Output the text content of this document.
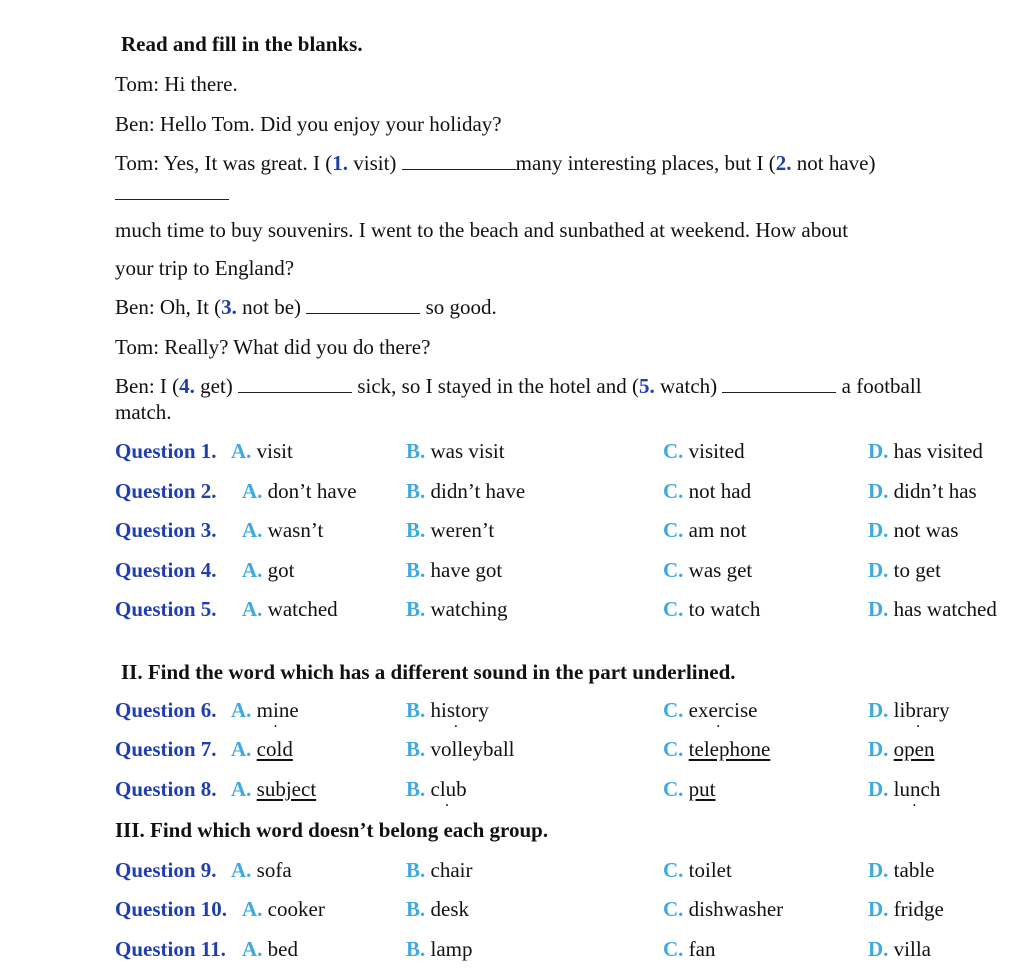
Read and fill in the blanks.
Tom: Hi there.
Ben: Hello Tom. Did you enjoy your holiday?
Tom: Yes, It was great. I (1. visit)	many interesting places, but I (2. not have)
much time to buy souvenirs. I went to the beach and sunbathed at weekend. How about
your trip to England?
Ben: Oh, It (3. not be)	so good.
Tom: Really? What did you do there?
Ben: I (4. get)	sick, so I stayed in the hotel and (5. watch)	a football
match.
Question 1. A. visit	B. was visit	C. visited	D. has visited
Question 2. A. don’t have B. didn’t have	C. not had	D. didn’t has
Question 3. A. wasn’t	B. weren’t	C. am not	D. not was
Question 4. A. got	B. have got	C. was get	D. to get
Question 5. A. watched	B. watching	C. to watch	D. has watched
II. Find the word which has a different sound in the part underlined.
Question 6. A. mine .	B. history .	C. exercise .	D. library .
Question 7. A. cold	B. volleyball	C. telephone	D. open
Question 8. A. subject	B. club .	C. put	D. lunch .
III. Find which word doesn’t belong each group.
Question 9. A. sofa	B. chair	C. toilet	D. table
Question 10. A. cooker	B. desk	C. dishwasher	D. fridge
Question 11. A. bed	B. lamp	C. fan	D. villa
